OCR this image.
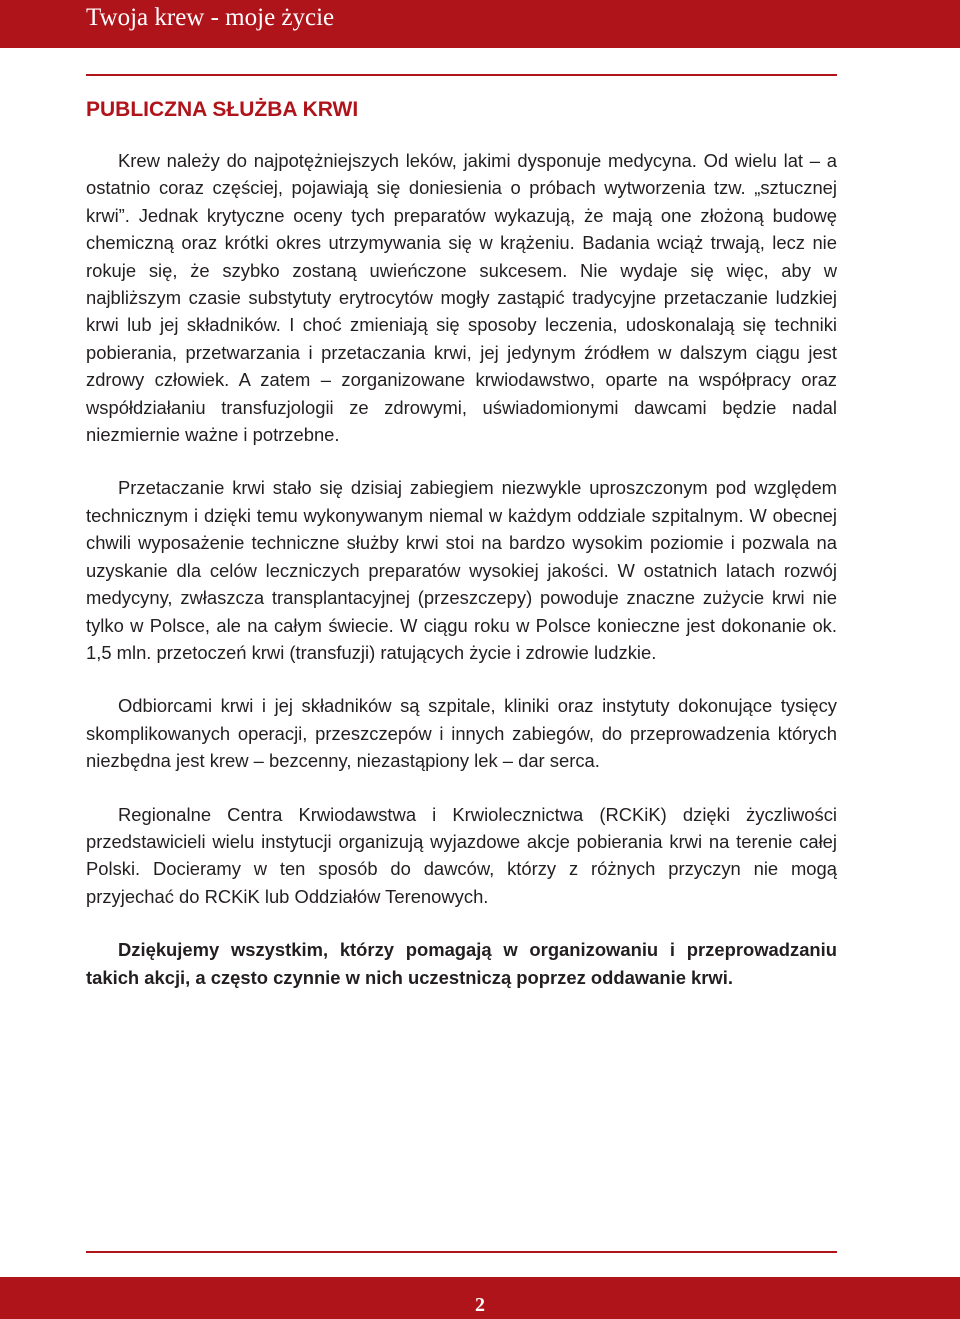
Twoja krew - moje życie
PUBLICZNA SŁUŻBA KRWI

Krew należy do najpotężniejszych leków, jakimi dysponuje medycyna. Od wielu lat – a ostatnio coraz częściej, pojawiają się doniesienia o próbach wytworzenia tzw. „sztucznej krwi”. Jednak krytyczne oceny tych preparatów wykazują, że mają one złożoną budowę chemiczną oraz krótki okres utrzymywania się w krążeniu. Badania wciąż trwają, lecz nie rokuje się, że szybko zostaną uwieńczone sukcesem. Nie wydaje się więc, aby w najbliższym czasie substytuty erytrocytów mogły zastąpić tradycyjne przetaczanie ludzkiej krwi lub jej składników. I choć zmieniają się sposoby leczenia, udoskonalają się techniki pobierania, przetwarzania i przetaczania krwi, jej jedynym źródłem w dalszym ciągu jest zdrowy człowiek. A zatem – zorganizowane krwiodawstwo, oparte na współpracy oraz współdziałaniu transfuzjologii ze zdrowymi, uświadomionymi dawcami będzie nadal niezmiernie ważne i potrzebne.

Przetaczanie krwi stało się dzisiaj zabiegiem niezwykle uproszczonym pod względem technicznym i dzięki temu wykonywanym niemal w każdym oddziale szpitalnym. W obecnej chwili wyposażenie techniczne służby krwi stoi na bardzo wysokim poziomie i pozwala na uzyskanie dla celów leczniczych preparatów wysokiej jakości. W ostatnich latach rozwój medycyny, zwłaszcza transplantacyjnej (przeszczepy) powoduje znaczne zużycie krwi nie tylko w Polsce, ale na całym świecie. W ciągu roku w Polsce konieczne jest dokonanie ok. 1,5 mln. przetoczeń krwi (transfuzji) ratujących życie i zdrowie ludzkie.

Odbiorcami krwi i jej składników są szpitale, kliniki oraz instytuty dokonujące tysięcy skomplikowanych operacji, przeszczepów i innych zabiegów, do przeprowadzenia których niezbędna jest krew – bezcenny, niezastąpiony lek – dar serca.

Regionalne Centra Krwiodawstwa i Krwiolecznictwa (RCKiK) dzięki życzliwości przedstawicieli wielu instytucji organizują wyjazdowe akcje pobierania krwi na terenie całej Polski. Docieramy w ten sposób do dawców, którzy z różnych przyczyn nie mogą przyjechać do RCKiK lub Oddziałów Terenowych.

Dziękujemy wszystkim, którzy pomagają w organizowaniu i przeprowadzaniu takich akcji, a często czynnie w nich uczestniczą poprzez oddawanie krwi.

2
